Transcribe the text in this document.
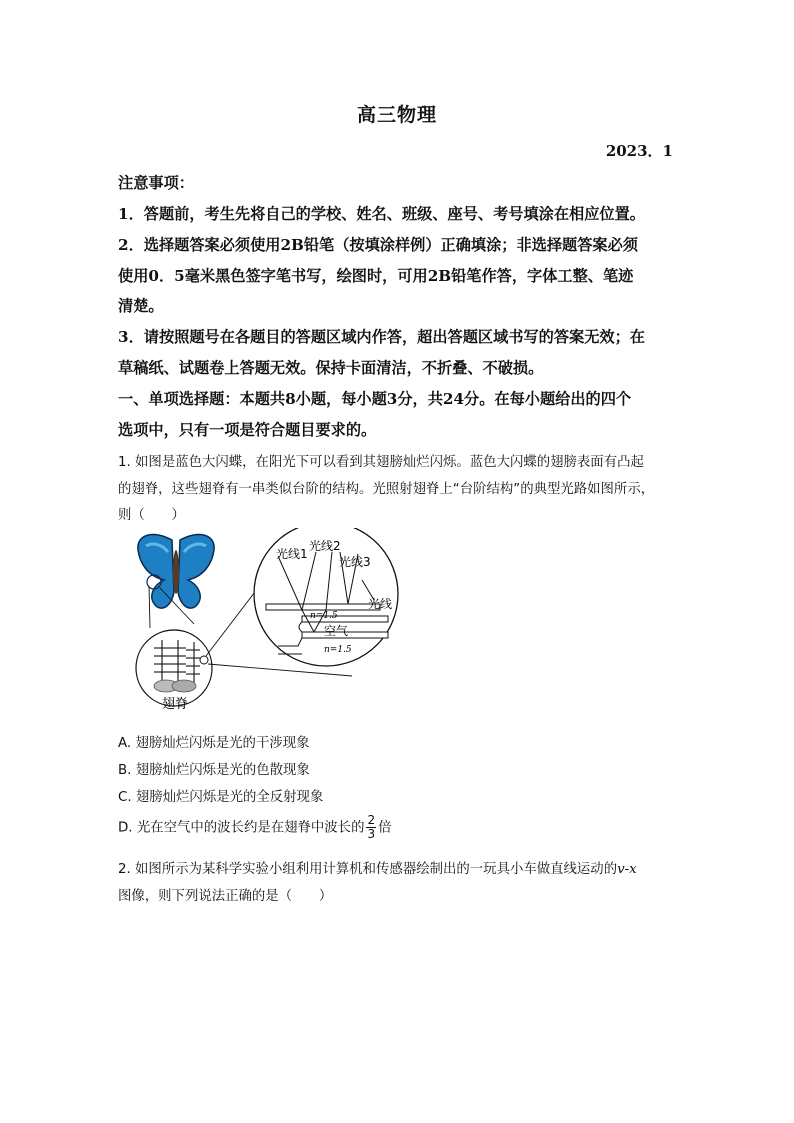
高三物理
2023．1
注意事项：
1．答题前，考生先将自己的学校、姓名、班级、座号、考号填涂在相应位置。
2．选择题答案必须使用2B铅笔（按填涂样例）正确填涂；非选择题答案必须
使用0．5毫米黑色签字笔书写，绘图时，可用2B铅笔作答，字体工整、笔迹
清楚。
3．请按照题号在各题目的答题区域内作答，超出答题区域书写的答案无效；在
草稿纸、试题卷上答题无效。保持卡面清洁，不折叠、不破损。
一、单项选择题：本题共8小题，每小题3分，共24分。在每小题给出的四个
选项中，只有一项是符合题目要求的。
1. 如图是蓝色大闪蝶，在阳光下可以看到其翅膀灿烂闪烁。蓝色大闪蝶的翅膀表面有凸起
的翅脊，这些翅脊有一串类似台阶的结构。光照射翅脊上“台阶结构”的典型光路如图所示，
则（　　）
翅脊
光线1
光线2
光线3
光线
n=1.5
空气
n=1.5
A. 翅膀灿烂闪烁是光的干涉现象
B. 翅膀灿烂闪烁是光的色散现象
C. 翅膀灿烂闪烁是光的全反射现象
D. 光在空气中的波长约是在翅脊中波长的 $\frac{2}{3}$ 倍
2. 如图所示为某科学实验小组利用计算机和传感器绘制出的一玩具小车做直线运动的v-x
图像，则下列说法正确的是（　　）
